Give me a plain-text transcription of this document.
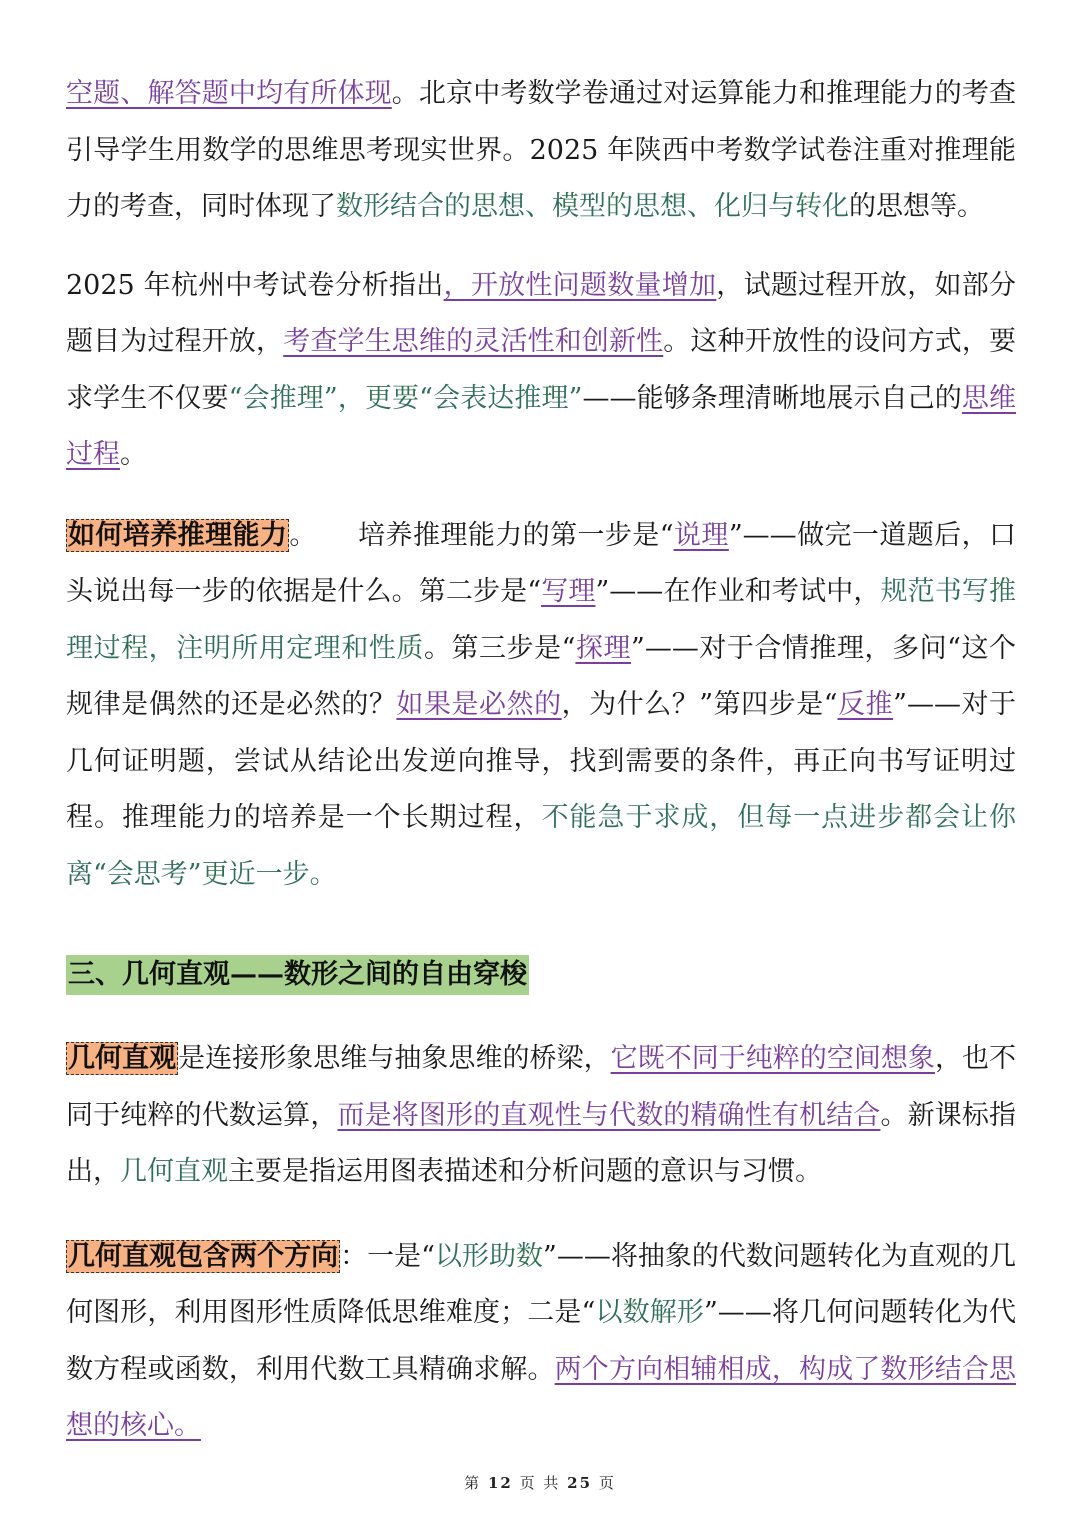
空题、解答题中均有所体现。北京中考数学卷通过对运算能力和推理能力的考查引导学生用数学的思维思考现实世界。2025 年陕西中考数学试卷注重对推理能力的考查，同时体现了数形结合的思想、模型的思想、化归与转化的思想等。

2025 年杭州中考试卷分析指出，开放性问题数量增加，试题过程开放，如部分题目为过程开放，考查学生思维的灵活性和创新性。这种开放性的设问方式，要求学生不仅要“会推理”，更要“会表达推理”——能够条理清晰地展示自己的思维过程。

如何培养推理能力。　　培养推理能力的第一步是“说理”——做完一道题后，口头说出每一步的依据是什么。第二步是“写理”——在作业和考试中，规范书写推理过程，注明所用定理和性质。第三步是“探理”——对于合情推理，多问“这个规律是偶然的还是必然的？如果是必然的，为什么？”第四步是“反推”——对于几何证明题，尝试从结论出发逆向推导，找到需要的条件，再正向书写证明过程。推理能力的培养是一个长期过程，不能急于求成，但每一点进步都会让你离“会思考”更近一步。

三、几何直观——数形之间的自由穿梭

几何直观是连接形象思维与抽象思维的桥梁，它既不同于纯粹的空间想象，也不同于纯粹的代数运算，而是将图形的直观性与代数的精确性有机结合。新课标指出，几何直观主要是指运用图表描述和分析问题的意识与习惯。

几何直观包含两个方向：一是“以形助数”——将抽象的代数问题转化为直观的几何图形，利用图形性质降低思维难度；二是“以数解形”——将几何问题转化为代数方程或函数，利用代数工具精确求解。两个方向相辅相成，构成了数形结合思想的核心。

第 12 页 共 25 页
